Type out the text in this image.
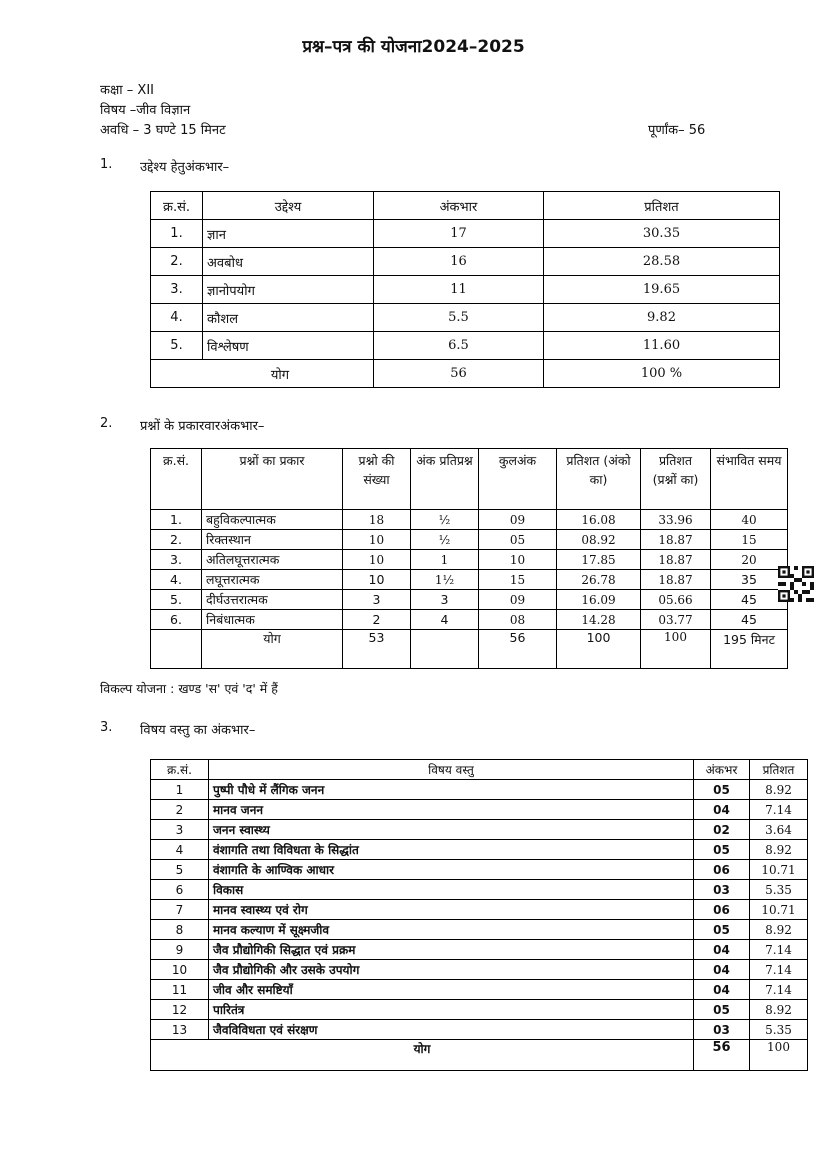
प्रश्न–पत्र की योजना2024–2025
कक्षा – XII
विषय –जीव विज्ञान
अवधि – 3 घण्टे 15 मिनट	पूर्णांक– 56
1. उद्देश्य हेतुअंकभार–
क्र.सं.	उद्देश्य	अंकभार	प्रतिशत
1.	ज्ञान	17	30.35
2.	अवबोध	16	28.58
3.	ज्ञानोपयोग	11	19.65
4.	कौशल	5.5	9.82
5.	विश्लेषण	6.5	11.60
योग		56	100 %
2. प्रश्नों के प्रकारवारअंकभार–
क्र.सं.	प्रश्नों का प्रकार	प्रश्नो की संख्या	अंक प्रतिप्रश्न	कुलअंक	प्रतिशत (अंको का)	प्रतिशत (प्रश्नों का)	संभावित समय
1.	बहुविकल्पात्मक	18	½	09	16.08	33.96	40
2.	रिक्तस्थान	10	½	05	08.92	18.87	15
3.	अतिलघूत्तरात्मक	10	1	10	17.85	18.87	20
4.	लघूत्तरात्मक	10	1½	15	26.78	18.87	35
5.	दीर्घउत्तरात्मक	3	3	09	16.09	05.66	45
6.	निबंधात्मक	2	4	08	14.28	03.77	45
	योग	53		56	100	100	195 मिनट
विकल्प योजना : खण्ड 'स' एवं 'द' में हैं
3. विषय वस्तु का अंकभार–
क्र.सं.	विषय वस्तु	अंकभर	प्रतिशत
1	पुष्पी पौधे में लैंगिक जनन	05	8.92
2	मानव जनन	04	7.14
3	जनन स्वास्थ्य	02	3.64
4	वंशागति तथा विविधता के सिद्धांत	05	8.92
5	वंशागति के आण्विक आधार	06	10.71
6	विकास	03	5.35
7	मानव स्वास्थ्य एवं रोग	06	10.71
8	मानव कल्याण में सूक्ष्मजीव	05	8.92
9	जैव प्रौद्योगिकी सिद्धात एवं प्रक्रम	04	7.14
10	जैव प्रौद्योगिकी और उसके उपयोग	04	7.14
11	जीव और समष्टियाँ	04	7.14
12	पारितंत्र	05	8.92
13	जैवविविधता एवं संरक्षण	03	5.35
योग		56	100
